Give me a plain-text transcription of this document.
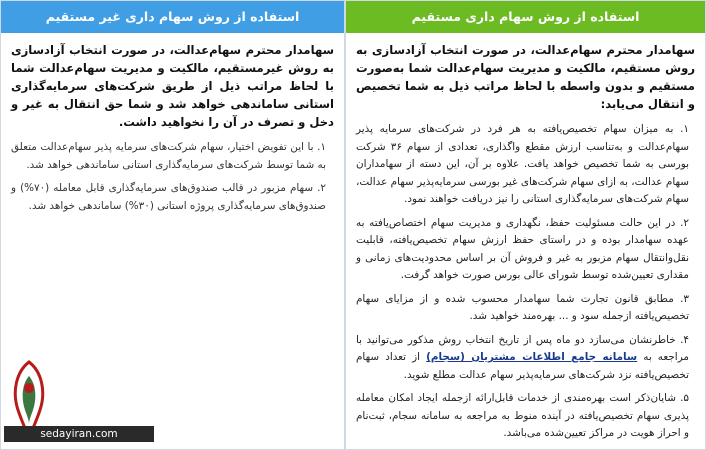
استفاده از روش سهام داری غیر مستقیم
سهامدار محترم سهام‌عدالت، در صورت انتخاب آزادسازی به روش غیرمستقیم، مالکیت و مدیریت سهام‌عدالت شما با لحاظ مراتب ذیل از طریق شرکت‌های سرمایه‌گذاری استانی ساماندهی خواهد شد و شما حق انتقال به غیر و دخل و تصرف در آن را نخواهید داشت.
۱. با این تفویض اختیار، سهام شرکت‌های سرمایه پذیر سهام‌عدالت متعلق به شما توسط شرکت‌های سرمایه‌گذاری استانی ساماندهی خواهد شد.
۲. سهام مزبور در قالب صندوق‌های سرمایه‌گذاری قابل معامله (۷۰%) و صندوق‌های سرمایه‌گذاری پروژه استانی (۳۰%) ساماندهی خواهد شد.
استفاده از روش سهام داری مستقیم
سهامدار محترم سهام‌عدالت، در صورت انتخاب آزادسازی به روش مستقیم، مالکیت و مدیریت سهام‌عدالت شما به‌صورت مستقیم و بدون واسطه با لحاظ مراتب ذیل به شما تخصیص و انتقال می‌یابد:
۱. به میزان سهام تخصیص‌یافته به هر فرد در شرکت‌های سرمایه پذیر سهام‌عدالت و به‌تناسب ارزش مقطع واگذاری، تعدادی از سهام ۳۶ شرکت بورسی به شما تخصیص خواهد یافت. علاوه بر آن، این دسته از سهامداران سهام عدالت، به ازای سهام شرکت‌های غیر بورسی سرمایه‌پذیر سهام عدالت، سهام شرکت‌های سرمایه‌گذاری استانی را نیز دریافت خواهند نمود.
۲. در این حالت مسئولیت حفظ، نگهداری و مدیریت سهام اختصاص‌یافته به عهده سهامدار بوده و در راستای حفظ ارزش سهام تخصیص‌یافته، قابلیت نقل‌وانتقال سهام مزبور به غیر و فروش آن بر اساس محدودیت‌های زمانی و مقداری تعیین‌شده توسط شورای عالی بورس صورت خواهد گرفت.
۳. مطابق قانون تجارت شما سهامدار محسوب شده و از مزایای سهام تخصیص‌یافته ازجمله سود و ... بهره‌مند خواهید شد.
۴. خاطرنشان می‌سازد دو ماه پس از تاریخ انتخاب روش مذکور می‌توانید با مراجعه به سامانه جامع اطلاعات مشتریان (سجام) از تعداد سهام تخصیص‌یافته نزد شرکت‌های سرمایه‌پذیر سهام عدالت مطلع شوید.
۵. شایان‌ذکر است بهره‌مندی از خدمات قابل‌ارائه ازجمله ایجاد امکان معامله پذیری سهام تخصیص‌یافته در آینده منوط به مراجعه به سامانه سجام، ثبت‌نام و احراز هویت در مراکز تعیین‌شده می‌باشد.
sedayiran.com
